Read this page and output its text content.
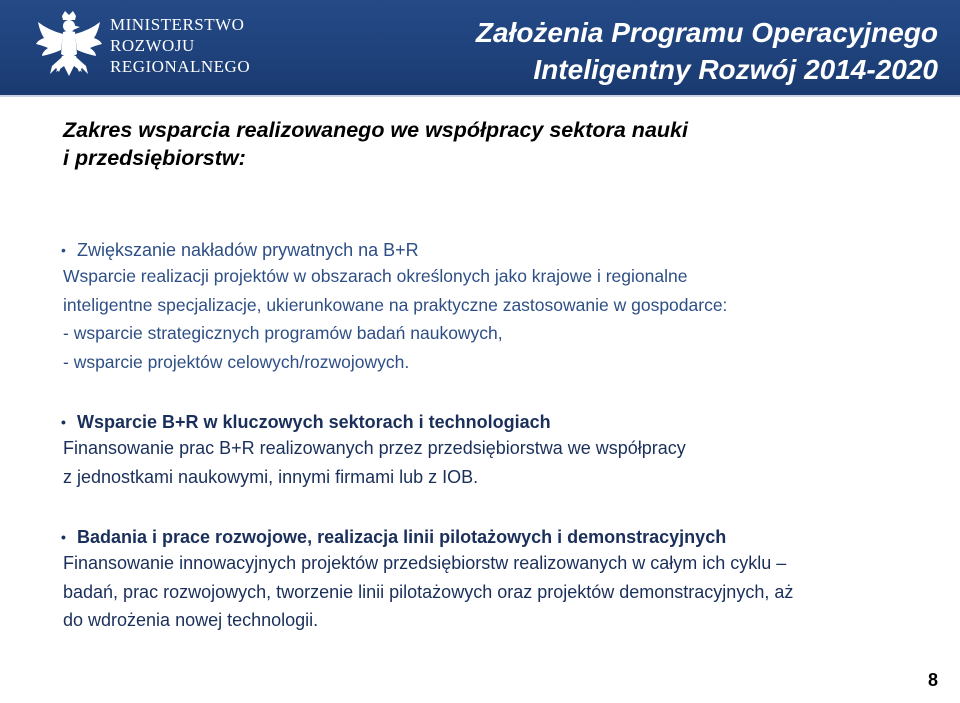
MINISTERSTWO
ROZWOJU
REGIONALNEGO
Założenia Programu Operacyjnego
Inteligentny Rozwój 2014-2020
Zakres wsparcia realizowanego we współpracy sektora nauki
i przedsiębiorstw:
• Zwiększanie nakładów prywatnych na B+R
Wsparcie realizacji projektów w obszarach określonych jako krajowe i regionalne
inteligentne specjalizacje, ukierunkowane na praktyczne zastosowanie w gospodarce:
- wsparcie strategicznych programów badań naukowych,
- wsparcie projektów celowych/rozwojowych.
• Wsparcie B+R w kluczowych sektorach i technologiach
Finansowanie prac B+R realizowanych przez przedsiębiorstwa we współpracy
z jednostkami naukowymi, innymi firmami lub z IOB.
• Badania i prace rozwojowe, realizacja linii pilotażowych i demonstracyjnych
Finansowanie innowacyjnych projektów przedsiębiorstw realizowanych w całym ich cyklu –
badań, prac rozwojowych, tworzenie linii pilotażowych oraz projektów demonstracyjnych, aż
do wdrożenia nowej technologii.
8
